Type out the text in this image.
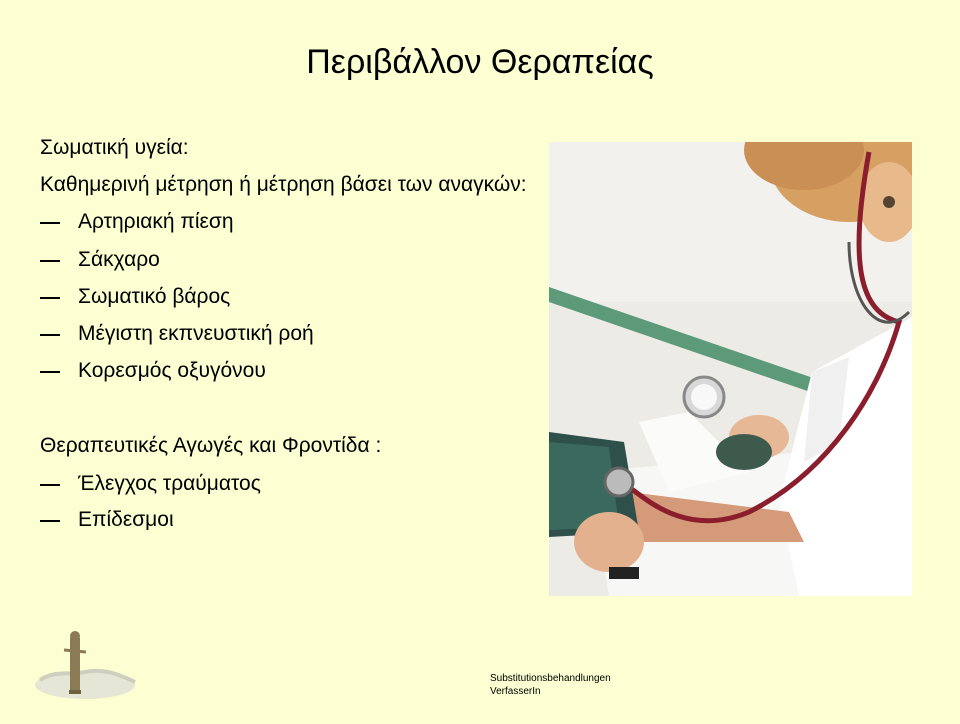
Περιβάλλον Θεραπείας
Σωματική υγεία:
Καθημερινή μέτρηση ή μέτρηση βάσει των αναγκών:
Αρτηριακή πίεση
Σάκχαρο
Σωματικό βάρος
Μέγιστη εκπνευστική ροή
Κορεσμός οξυγόνου
Θεραπευτικές Αγωγές και Φροντίδα :
Έλεγχος τραύματος
Επίδεσμοι
Substitutionsbehandlungen
VerfasserIn
